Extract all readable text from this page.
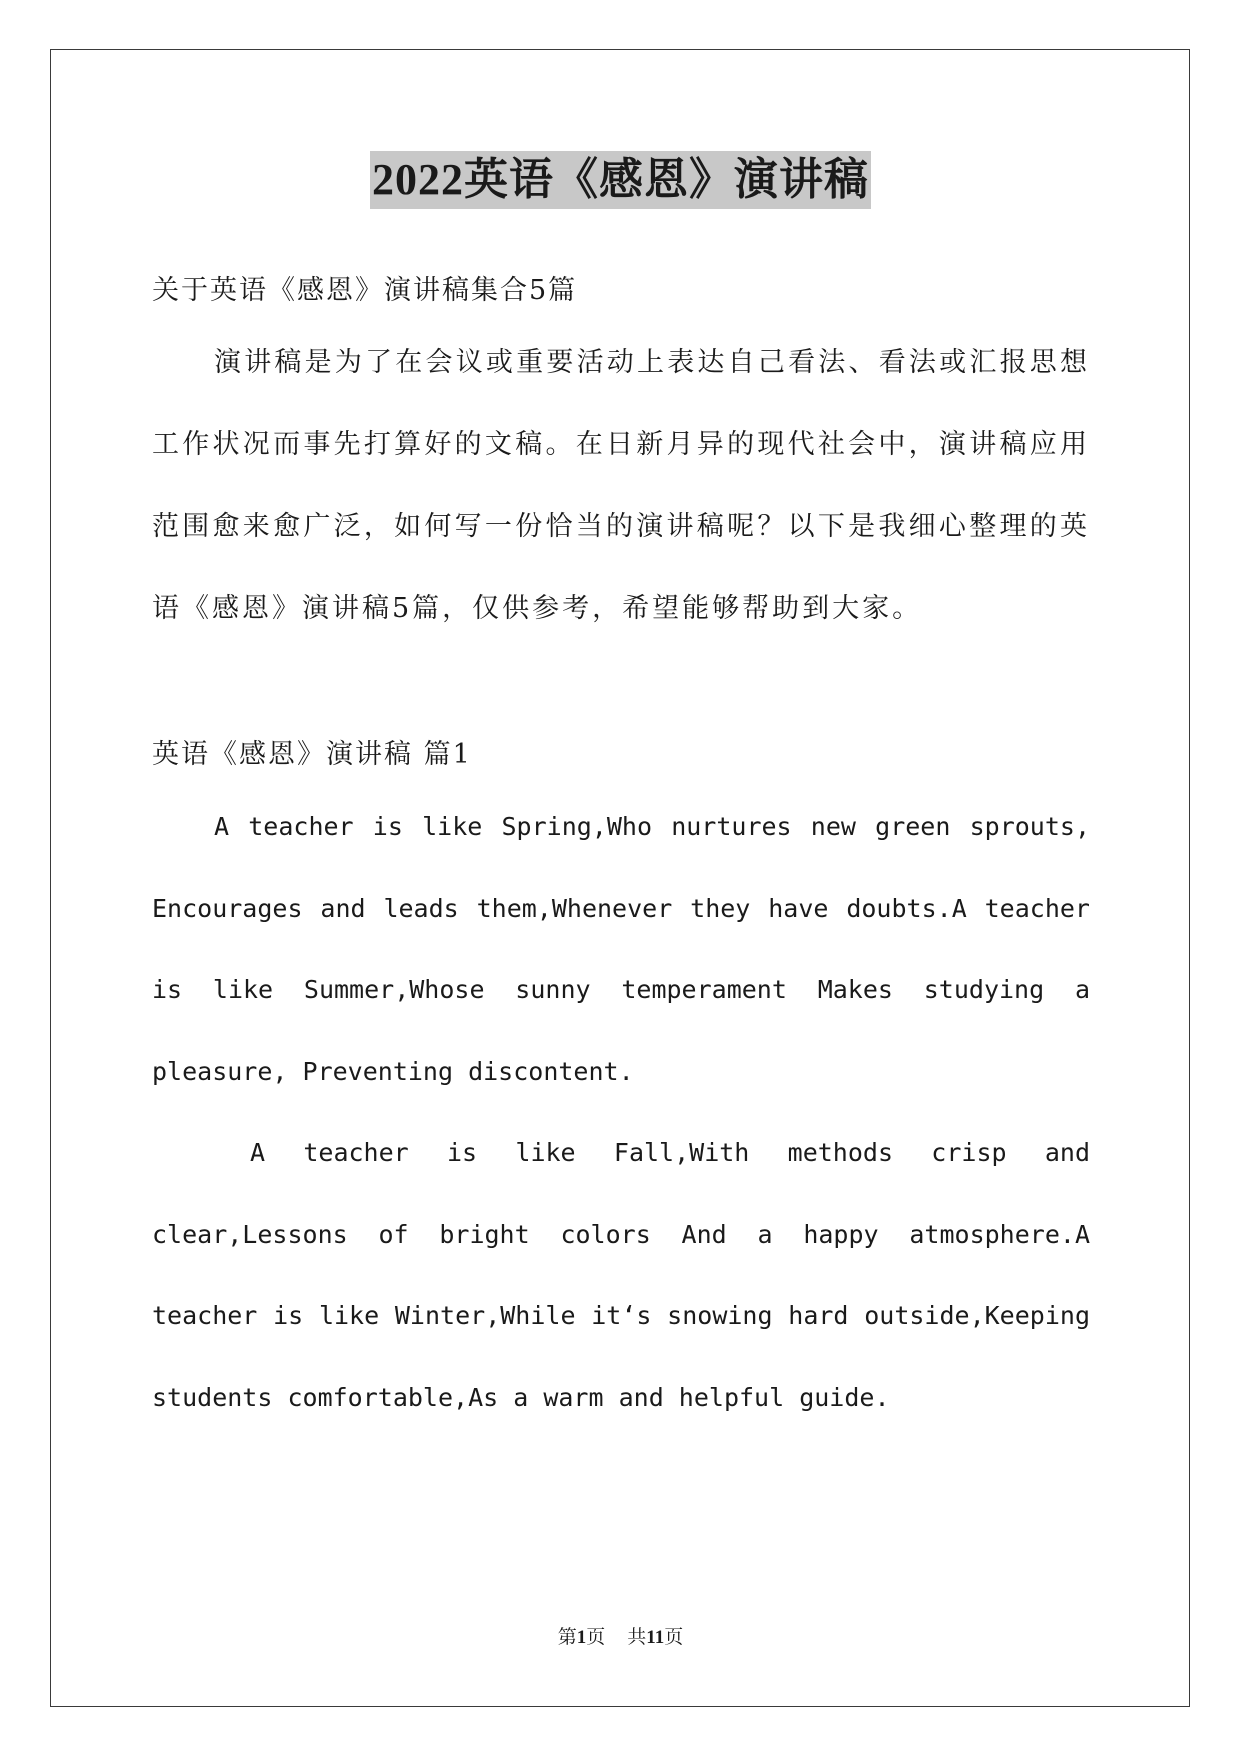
2022英语《感恩》演讲稿

关于英语《感恩》演讲稿集合5篇

演讲稿是为了在会议或重要活动上表达自己看法、看法或汇报思想工作状况而事先打算好的文稿。在日新月异的现代社会中，演讲稿应用范围愈来愈广泛，如何写一份恰当的演讲稿呢？以下是我细心整理的英语《感恩》演讲稿5篇，仅供参考，希望能够帮助到大家。

英语《感恩》演讲稿 篇1

A teacher is like Spring,Who nurtures new green sprouts, Encourages and leads them,Whenever they have doubts.A teacher is like Summer,Whose sunny temperament Makes studying a pleasure, Preventing discontent.

A teacher is like Fall,With methods crisp and clear,Lessons of bright colors And a happy atmosphere.A teacher is like Winter,While it‘s snowing hard outside,Keeping students comfortable,As a warm and helpful guide.

第1页 共11页
